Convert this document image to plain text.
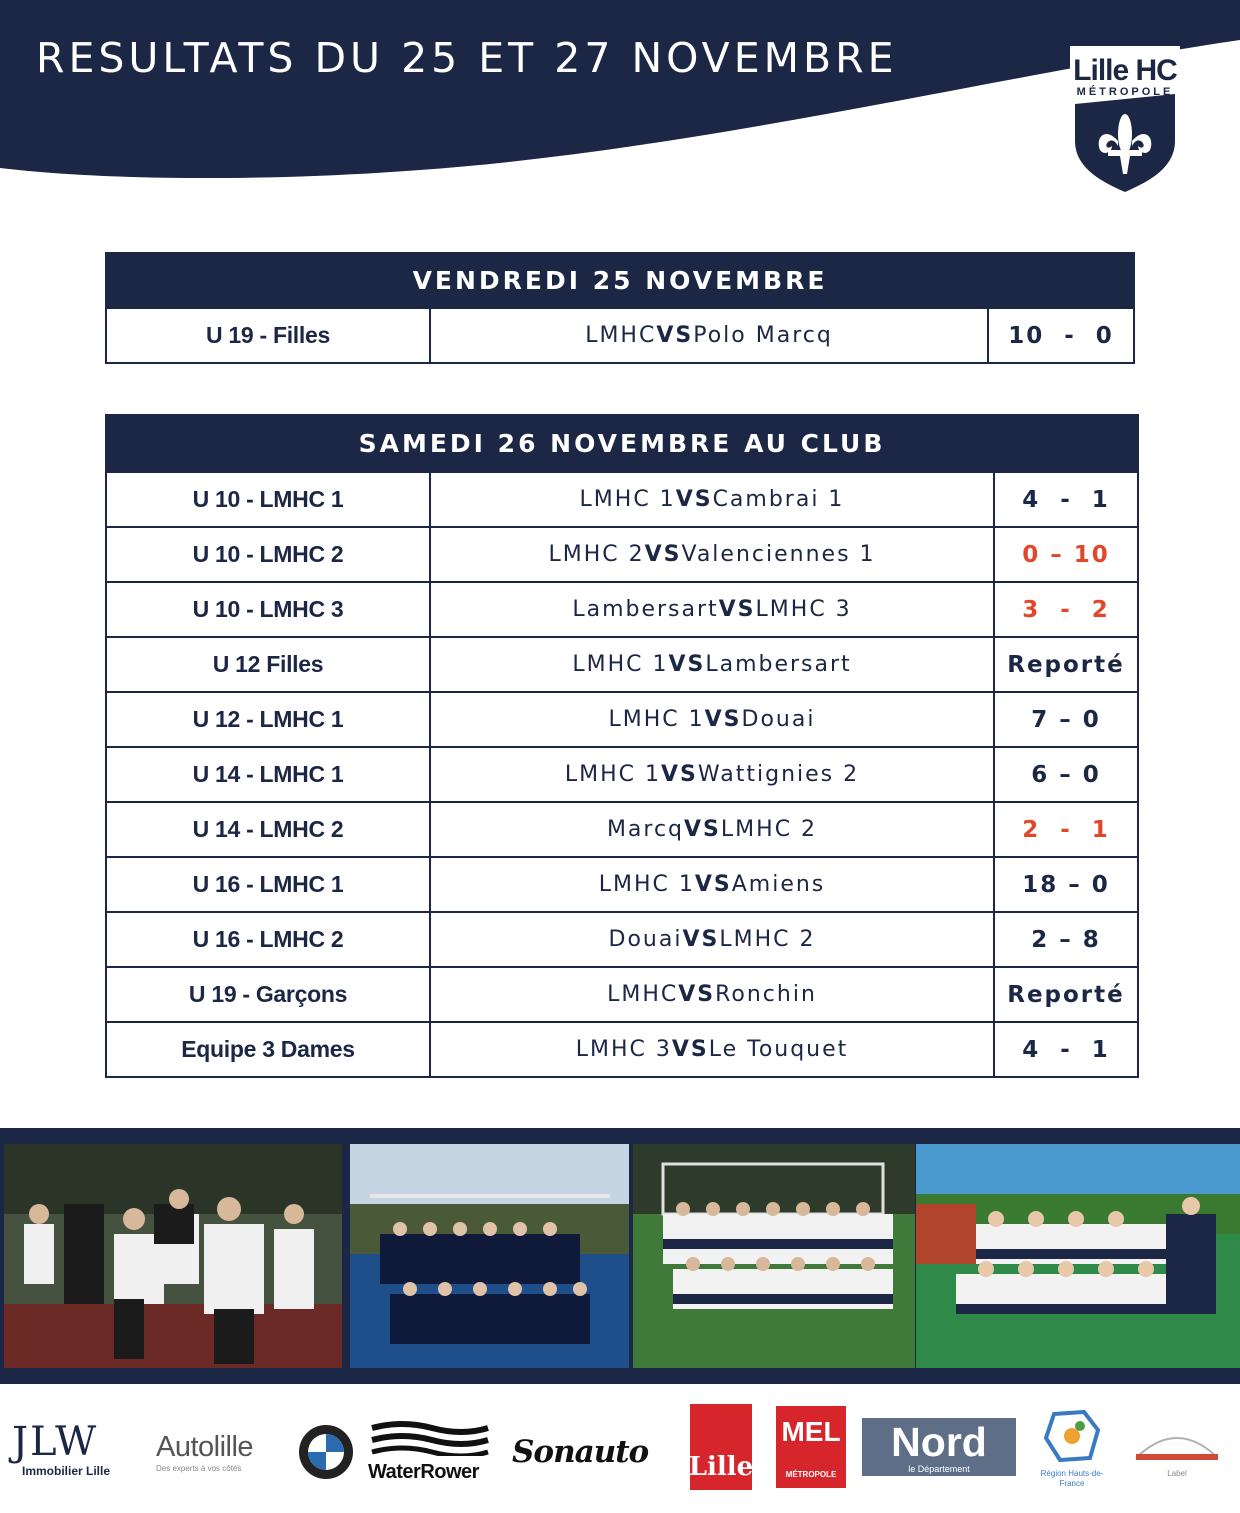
RESULTATS DU 25 ET 27 NOVEMBRE	Lille HC
MÉTROPOLE
VENDREDI 25 NOVEMBRE
U 19 - Filles	LMHC VS Polo Marcq	10  -  0
SAMEDI 26 NOVEMBRE AU CLUB
U 10 - LMHC 1	LMHC 1 VS Cambrai 1	4  -  1
U 10 - LMHC 2	LMHC 2 VS Valenciennes 1	0 – 10
U 10 - LMHC 3	Lambersart VS LMHC 3	3  -  2
U 12 Filles	LMHC 1 VS Lambersart	Reporté
U 12 - LMHC 1	LMHC 1 VS Douai	7 – 0
U 14 - LMHC 1	LMHC 1 VS Wattignies 2	6 – 0
U 14 - LMHC 2	Marcq VS LMHC 2	2  -  1
U 16 - LMHC 1	LMHC 1 VS Amiens	18 – 0
U 16 - LMHC 2	Douai VS LMHC 2	2 – 8
U 19 - Garçons	LMHC VS Ronchin	Reporté
Equipe 3 Dames	LMHC 3 VS Le Touquet	4  -  1
JLW
Immobilier Lille
Autolille
Des experts à vos côtés	WaterRower
Sonauto	Lille
MEL
MÉTROPOLE
Nord
le Département	Région Hauts-de-France
Label
